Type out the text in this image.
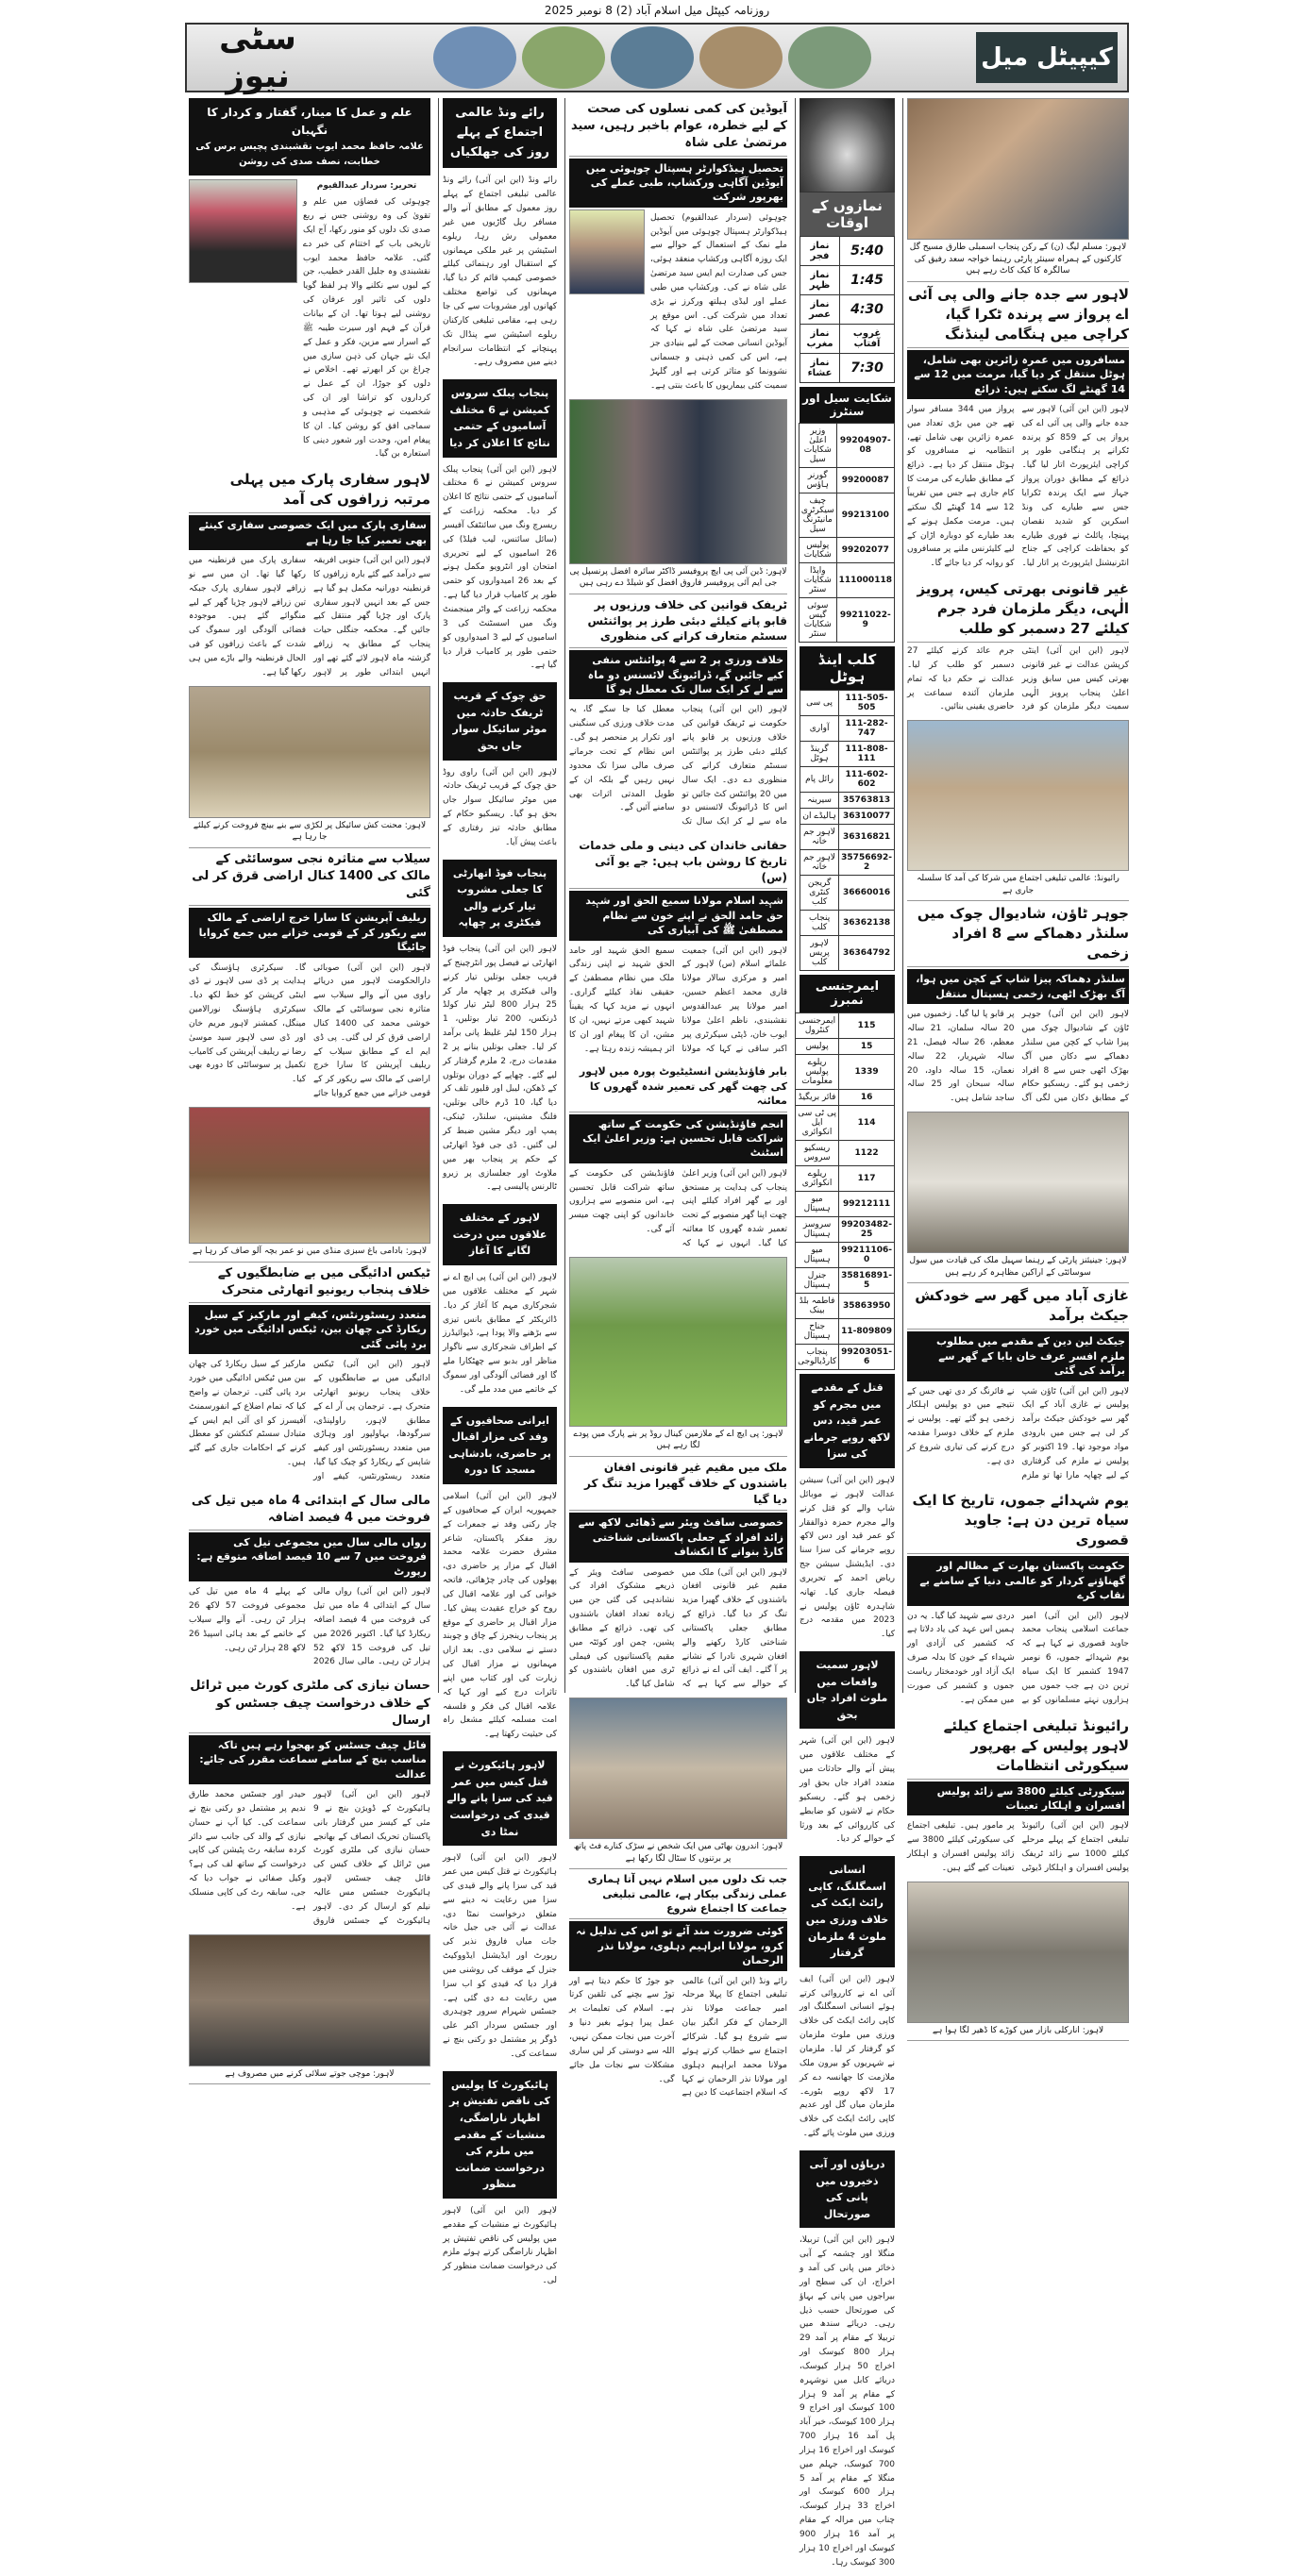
روزنامہ کیپٹل میل اسلام آباد (2) 8 نومبر 2025
سٹی نیوز	کیپیٹل میل
لاہور: مسلم لیگ (ن) کے رکن پنجاب اسمبلی طارق مسیح گل کارکنوں کے ہمراہ سینئر پارٹی رہنما خواجہ سعد رفیق کی سالگرہ کا کیک کاٹ رہے ہیں
لاہور سے جدہ جانے والی پی آئی اے پرواز سے پرندہ ٹکرا گیا، کراچی میں ہنگامی لینڈنگ
مسافروں میں عمرہ زائرین بھی شامل، ہوٹل منتقل کر دیا گیا، مرمت میں 12 سے 14 گھنٹے لگ سکتے ہیں: ذرائع
لاہور (این این آئی) لاہور سے جدہ جانے والی پی آئی اے کی پرواز پی کے 859 کو پرندہ ٹکرانے پر ہنگامی طور پر کراچی ایئرپورٹ اتار لیا گیا۔ ذرائع کے مطابق دوران پرواز جہاز سے ایک پرندہ ٹکرایا جس سے طیارے کی ونڈ اسکرین کو شدید نقصان پہنچا، پائلٹ نے فوری طیارے کو بحفاظت کراچی کے جناح انٹرنیشنل ایئرپورٹ پر اتار لیا۔ پرواز میں 344 مسافر سوار تھے جن میں بڑی تعداد میں عمرہ زائرین بھی شامل تھے، انتظامیہ نے مسافروں کو ہوٹل منتقل کر دیا ہے۔ ذرائع کے مطابق طیارے کی مرمت کا کام جاری ہے جس میں تقریباً 12 سے 14 گھنٹے لگ سکتے ہیں۔ مرمت مکمل ہونے کے بعد طیارے کو دوبارہ اڑان کے لیے کلیئرنس ملنے پر مسافروں کو روانہ کر دیا جائے گا۔
غیر قانونی بھرتی کیس، پرویز الٰہی، دیگر ملزمان فرد جرم کیلئے 27 دسمبر کو طلب
لاہور (این این آئی) اینٹی کرپشن عدالت نے غیر قانونی بھرتی کیس میں سابق وزیر اعلیٰ پنجاب پرویز الٰہی سمیت دیگر ملزمان کو فرد جرم عائد کرنے کیلئے 27 دسمبر کو طلب کر لیا۔ عدالت نے حکم دیا کہ تمام ملزمان آئندہ سماعت پر حاضری یقینی بنائیں۔
رائیونڈ: عالمی تبلیغی اجتماع میں شرکا کی آمد کا سلسلہ جاری ہے
جوہر ٹاؤن، شادیوال چوک میں سلنڈر دھماکے سے 8 افراد زخمی
سلنڈر دھماکہ پیزا شاپ کے کچن میں ہوا، آگ بھڑک اٹھی، زخمی ہسپتال منتقل
لاہور (این این آئی) جوہر ٹاؤن کے شادیوال چوک میں پیزا شاپ کے کچن میں سلنڈر دھماکے سے دکان میں آگ بھڑک اٹھی جس سے 8 افراد زخمی ہو گئے۔ ریسکیو حکام کے مطابق دکان میں لگی آگ پر قابو پا لیا گیا۔ زخمیوں میں 20 سالہ سلمان، 21 سالہ معظم، 26 سالہ فیصل، 21 سالہ شہریار، 22 سالہ نعمان، 15 سالہ داود، 20 سالہ سبحان اور 25 سالہ ساجد شامل ہیں۔
لاہور: جینیئنز پارٹی کے رہنما سہیل ملک کی قیادت میں سول سوسائٹی کے اراکین مظاہرہ کر رہے ہیں
غازی آباد میں گھر سے خودکش جیکٹ برآمد
جیکٹ لین دین کے مقدمے میں مطلوب ملزم افسر عرف خان بابا کے گھر سے برآمد کی گئی
لاہور (این این آئی) ٹاؤن شپ پولیس نے غازی آباد کے ایک گھر سے خودکش جیکٹ برآمد کر لی ہے جس میں بارودی مواد موجود تھا۔ 19 اکتوبر کو پولیس نے ملزم کی گرفتاری کے لیے چھاپہ مارا تھا تو ملزم نے فائرنگ کر دی تھی جس کے نتیجے میں دو پولیس اہلکار زخمی ہو گئے تھے۔ پولیس نے ملزم کے خلاف دوسرا مقدمہ درج کرنے کی تیاری شروع کر دی ہے۔
یوم شہدائے جموں، تاریخ کا ایک سیاہ ترین دن ہے: جاوید قصوری
حکومت پاکستان بھارت کے مظالم اور گھناؤنے کردار کو عالمی دنیا کے سامنے بے نقاب کرے
لاہور (این این آئی) امیر جماعت اسلامی پنجاب محمد جاوید قصوری نے کہا ہے کہ یوم شہدائے جموں، 6 نومبر 1947 کشمیر کا ایک سیاہ ترین دن ہے جب جموں میں ہزاروں نہتے مسلمانوں کو بے دردی سے شہید کیا گیا۔ یہ دن ہمیں اس عہد کی یاد دلاتا ہے کہ کشمیر کی آزادی اور شہداء کے خون کا بدلہ صرف ایک آزاد اور خودمختار ریاست جموں و کشمیر کی صورت میں ممکن ہے۔
رائیونڈ تبلیغی اجتماع کیلئے لاہور پولیس کے بھرپور سیکورٹی انتظامات
سیکورٹی کیلئے 3800 سے زائد پولیس افسران و اہلکار تعینات
لاہور (این این آئی) رائیونڈ تبلیغی اجتماع کے پہلے مرحلے کیلئے 1000 سے زائد ٹریفک پولیس افسران و اہلکار ڈیوٹی پر مامور ہیں۔ تبلیغی اجتماع کی سیکورٹی کیلئے 3800 سے زائد پولیس افسران و اہلکار تعینات کیے گئے ہیں۔
لاہور: انارکلی بازار میں کوڑے کا ڈھیر لگا ہوا ہے
نمازوں کے اوقات
5:40	نماز فجر
1:45	نماز ظہر
4:30	نماز عصر
غروب آفتاب	نماز مغرب
7:30	نماز عشاء
شکایت سیل اور سنٹرز
99204907-08	وزیر اعلیٰ شکایات سیل
99200087	گورنر ہاؤس
99213100	چیف سیکرٹری مانیٹرنگ سیل
99202077	پولیس شکایات
111000118	واپڈا شکایات سنٹر
99211022-9	سوئی گیس شکایات سنٹر
کلب اینڈ ہوٹل
111-505-505	پی سی
111-282-747	آواری
111-808-111	گرینڈ ہوٹل
111-602-602	رائل پام
35763813	سیرینہ
36310077	ہالیڈے ان
36316821	لاہور جم خانہ
35756692-2	لاہور جم خانہ
36660016	گریجن کنٹری کلب
36362138	پنجاب کلب
36364792	لاہور پریس کلب
ایمرجنسی نمبرز
115	ایمرجنسی کنٹرول
15	پولیس
1339	ریلوے پولیس معلومات
16	فائر بریگیڈ
114	پی ٹی سی ایل انکوائری
1122	ریسکیو سروس
117	ریلوے انکوائری
99212111	میو ہسپتال
99203482-25	سروسز ہسپتال
99211106-0	میو ہسپتال
35816891-5	جنرل ہسپتال
35863950	فاطمہ بلڈ بینک
11-809809	جناح ہسپتال
99203051-6	پنجاب کارڈیالوجی
قتل کے مقدمے میں مجرم کو عمر قید، دس لاکھ روپے جرمانے کی سزا
لاہور (این این آئی) سیشن عدالت لاہور نے موبائل شاپ والے کو قتل کرنے والے مجرم حمزہ ذوالفقار کو عمر قید اور دس لاکھ روپے جرمانے کی سزا سنا دی۔ ایڈیشنل سیشن جج ریاض احمد کے تحریری فیصلہ جاری کیا۔ تھانہ شاہدرہ ٹاؤن پولیس نے 2023 میں مقدمہ درج کیا۔
لاہور سمیت واقعات میں ملوث افراد جاں بحق
لاہور (این این آئی) شہر کے مختلف علاقوں میں پیش آنے والے حادثات میں متعدد افراد جاں بحق اور زخمی ہو گئے۔ ریسکیو حکام نے لاشوں کو ضابطے کی کارروائی کے بعد ورثا کے حوالے کر دیا۔
انسانی اسمگلنگ، کاپی رائٹ ایکٹ کی خلاف ورزی میں ملوث 4 ملزمان گرفتار
لاہور (این این آئی) ایف آئی اے نے کارروائی کرتے ہوئے انسانی اسمگلنگ اور کاپی رائٹ ایکٹ کی خلاف ورزی میں ملوث ملزمان کو گرفتار کر لیا۔ ملزمان نے شہریوں کو بیرون ملک ملازمت کا جھانسہ دے کر 17 لاکھ روپے بٹورے۔ ملزمان میاں گل اور عدیم کاپی رائٹ ایکٹ کی خلاف ورزی میں ملوث پائے گئے۔
دریاؤں اور آبی ذخیروں میں پانی کی صورتحال
لاہور (این این آئی) تربیلا، منگلا اور چشمہ کے آبی ذخائر میں پانی کی آمد و اخراج، ان کی سطح اور بیراجوں میں پانی کے بہاؤ کی صورتحال حسب ذیل رہی۔ دریائے سندھ میں تربیلا کے مقام پر آمد 29 ہزار 800 کیوسک اور اخراج 50 ہزار کیوسک، دریائے کابل میں نوشہرہ کے مقام پر آمد 9 ہزار 100 کیوسک اور اخراج 9 ہزار 100 کیوسک، خیر آباد پل آمد 16 ہزار 700 کیوسک اور اخراج 16 ہزار 700 کیوسک، جہلم میں منگلا کے مقام پر آمد 5 ہزار 600 کیوسک اور اخراج 33 ہزار کیوسک، چناب میں مرالہ کے مقام پر آمد 16 ہزار 900 کیوسک اور اخراج 10 ہزار 300 کیوسک رہا۔
آیوڈین کی کمی نسلوں کی صحت کے لیے خطرہ، عوام باخبر رہیں، سید مرتضیٰ علی شاہ
تحصیل ہیڈکوارٹر ہسپتال چوہوئی میں آیوڈین آگاہی ورکشاپ، طبی عملے کی بھرپور شرکت
چوہوئی (سردار عبدالقیوم) تحصیل ہیڈکوارٹر ہسپتال چوہوئی میں آیوڈین ملے نمک کے استعمال کے حوالے سے ایک روزہ آگاہی ورکشاپ منعقد ہوئی، جس کی صدارت ایم ایس سید مرتضیٰ علی شاہ نے کی۔ ورکشاپ میں طبی عملے اور لیڈی ہیلتھ ورکرز نے بڑی تعداد میں شرکت کی۔ اس موقع پر سید مرتضیٰ علی شاہ نے کہا کہ آیوڈین انسانی صحت کے لیے بنیادی جز ہے، اس کی کمی ذہنی و جسمانی نشوونما کو متاثر کرتی ہے اور گلہڑ سمیت کئی بیماریوں کا باعث بنتی ہے۔
لاہور: ڈین آئی پی ایچ پروفیسر ڈاکٹر سائرہ افضل پرنسپل پی جی ایم آئی پروفیسر فاروق افضل کو شیلڈ دے رہی ہیں
ٹریفک قوانین کی خلاف ورزیوں پر قابو پانے کیلئے دبئی طرز پر پوائنٹس سسٹم متعارف کرانے کی منظوری
خلاف ورزی پر 2 سے 4 پوائنٹس منفی کیے جائیں گے، ڈرائیونگ لائسنس دو ماہ سے لے کر ایک سال تک معطل ہو گا
لاہور (این این آئی) پنجاب حکومت نے ٹریفک قوانین کی خلاف ورزیوں پر قابو پانے کیلئے دبئی طرز پر پوائنٹس سسٹم متعارف کرانے کی منظوری دے دی۔ ایک سال میں 20 پوائنٹس کٹ جائیں تو اس کا ڈرائیونگ لائسنس دو ماہ سے لے کر ایک سال تک معطل کیا جا سکے گا، یہ مدت خلاف ورزی کی سنگینی اور تکرار پر منحصر ہو گی۔ اس نظام کے تحت جرمانے صرف مالی سزا تک محدود نہیں رہیں گے بلکہ ان کے طویل المدتی اثرات بھی سامنے آئیں گے۔
حقانی خاندان کی دینی و ملی خدمات تاریخ کا روشن باب ہیں: جے یو آئی (س)
شہید اسلام مولانا سمیع الحق اور شہید حق حامد الحق نے اپنے خون سے نظام مصطفیٰ ﷺ کی آبیاری کی
لاہور (این این آئی) جمعیت علمائے اسلام (س) لاہور کے امیر و مرکزی سالار مولانا قاری محمد اعظم حسین، امیر مولانا پیر عبدالقدوس نقشبندی، ناظم اعلیٰ مولانا ایوب خان، ڈپٹی سیکرٹری پیر اکبر ساقی نے کہا کہ مولانا سمیع الحق شہید اور حامد الحق شہید نے اپنی زندگی ملک میں نظام مصطفیٰ کے حقیقی نفاذ کیلئے گزاری۔ انہوں نے مزید کہا کہ یقیناً شہید کبھی مرتے نہیں، ان کا مشن، ان کا پیغام اور ان کا اثر ہمیشہ زندہ رہتا ہے۔
بابر فاؤنڈیشن انسٹیٹیوٹ پورہ میں لاہور کی چھت گھر کی تعمیر شدہ گھروں کا معائنہ
انجم فاؤنڈیشن کی حکومت کے ساتھ شراکت قابل تحسین ہے: وزیر اعلیٰ ایک اسٹنٹ
لاہور (این این آئی) وزیر اعلیٰ پنجاب کی ہدایت پر مستحق اور بے گھر افراد کیلئے اپنی چھت اپنا گھر منصوبے کے تحت تعمیر شدہ گھروں کا معائنہ کیا گیا۔ انہوں نے کہا کہ فاؤنڈیشن کی حکومت کے ساتھ شراکت قابل تحسین ہے، اس منصوبے سے ہزاروں خاندانوں کو اپنی چھت میسر آئے گی۔
لاہور: پی ایچ اے کے ملازمین کینال روڈ پر بنے پارک میں پودے لگا رہے ہیں
ملک میں مقیم غیر قانونی افغان باشندوں کے خلاف گھیرا مزید تنگ کر دیا گیا
خصوصی سافٹ ویئر سے ڈھائی لاکھ سے زائد افراد کے جعلی پاکستانی شناختی کارڈ بنوانے کا انکشاف
لاہور (این این آئی) ملک میں مقیم غیر قانونی افغان باشندوں کے خلاف گھیرا مزید تنگ کر دیا گیا۔ ذرائع کے مطابق جعلی پاکستانی شناختی کارڈ رکھنے والے افغان شہری نادرا کے نشانے پر آ گئے۔ ایف آئی اے نے ذرائع کے حوالے سے کہا ہے کہ خصوصی سافٹ ویئر کے ذریعے مشکوک افراد کی نشاندہی کی گئی جن میں زیادہ تعداد افغان باشندوں کی تھی۔ ذرائع کے مطابق پشین، چمن اور کوئٹہ میں مقیم پاکستانیوں کی فیملی ٹری میں افغان باشندوں کو شامل کیا گیا۔
لاہور: اندرون بھاٹی میں ایک شخص نے سڑک کنارے فٹ پاتھ پر برتنوں کا سٹال لگا رکھا ہے
جب تک دلوں میں اسلام نہیں آتا ہماری عملی زندگی بیکار ہے، عالمی تبلیغی جماعت کا اجتماع شروع
کوئی ضرورت مند آئے تو اس کی تذلیل نہ کرو، مولانا ابراہیم دہلوی، مولانا نذر الرحمان
رائے ونڈ (این این آئی) عالمی تبلیغی اجتماع کا پہلا مرحلہ امیر جماعت مولانا نذر الرحمان کے فکر انگیز بیان سے شروع ہو گیا۔ شرکائے اجتماع سے خطاب کرتے ہوئے مولانا محمد ابراہیم دہلوی اور مولانا نذر الرحمان نے کہا کہ اسلام اجتماعیت کا دین ہے جو جوڑ کا حکم دیتا ہے اور توڑ سے بچنے کی تلقین کرتا ہے۔ اسلام کی تعلیمات پر عمل پیرا ہوئے بغیر دنیا و آخرت میں نجات ممکن نہیں، اللہ سے دوستی کر لیں ساری مشکلات سے نجات مل جائے گی۔
رائے ونڈ عالمی اجتماع کے پہلے روز کی جھلکیاں
رائے ونڈ (این این آئی) رائے ونڈ عالمی تبلیغی اجتماع کے پہلے روز معمول کے مطابق آنے والے مسافر ریل گاڑیوں میں غیر معمولی رش رہا، ریلوے اسٹیشن پر غیر ملکی مہمانوں کے استقبال اور رہنمائی کیلئے خصوصی کیمپ قائم کر دیا گیا، مہمانوں کی تواضع مختلف کھانوں اور مشروبات سے کی جا رہی ہے، مقامی تبلیغی کارکنان ریلوے اسٹیشن سے پنڈال تک پہنچانے کے انتظامات سرانجام دینے میں مصروف رہے۔
پنجاب پبلک سروس کمیشن نے 6 مختلف آسامیوں کے حتمی نتائج کا اعلان کر دیا
لاہور (این این آئی) پنجاب پبلک سروس کمیشن نے 6 مختلف آسامیوں کے حتمی نتائج کا اعلان کر دیا۔ محکمہ زراعت کے ریسرچ ونگ میں سائنٹفک آفیسر (سائل سائنس، لیب فیلڈ) کی 26 اسامیوں کے لیے تحریری امتحان اور انٹرویو مکمل ہونے کے بعد 26 امیدواروں کو حتمی طور پر کامیاب قرار دیا گیا ہے۔ محکمہ زراعت کے واٹر مینجمنٹ ونگ میں اسسٹنٹ کی 3 اسامیوں کے لیے 3 امیدواروں کو حتمی طور پر کامیاب قرار دیا گیا ہے۔
حق چوک کے قریب ٹریفک حادثہ میں موٹر سائیکل سوار جاں بحق
لاہور (این این آئی) راوی روڈ حق چوک کے قریب ٹریفک حادثہ میں موٹر سائیکل سوار جاں بحق ہو گیا۔ ریسکیو حکام کے مطابق حادثہ تیز رفتاری کے باعث پیش آیا۔
پنجاب فوڈ اتھارٹی کا جعلی مشروب تیار کرنے والی فیکٹری پر چھاپہ
لاہور (این این آئی) پنجاب فوڈ اتھارٹی نے فیصل پور انٹرچینج کے قریب جعلی بوتلیں تیار کرنے والی فیکٹری پر چھاپہ مار کر 25 ہزار 800 لیٹر تیار کولڈ ڈرنکس، 200 تیار بوتلیں، 1 ہزار 150 لیٹر غلیظ پانی برآمد کر لیا۔ جعلی بوتلیں بنانے پر 2 مقدمات درج، 2 ملزم گرفتار کر لیے گئے۔ چھاپے کے دوران بوتلوں کے ڈھکن، لیبل اور قلیور تلف کر دیا گیا، 10 ڈرم خالی بوتلیں، فلنگ مشینیں، سلنڈر، ٹینکی، پمپ اور دیگر مشین ضبط کر لی گئیں۔ ڈی جی فوڈ اتھارٹی کے حکم پر پنجاب بھر میں ملاوٹ اور جعلسازی پر زیرو ٹالرنس پالیسی ہے۔
لاہور کے مختلف علاقوں میں درخت لگانے کا آغاز
لاہور (این این آئی) پی ایچ اے نے شہر کے مختلف علاقوں میں شجرکاری مہم کا آغاز کر دیا۔ ڈائریکٹر کے مطابق بانس تیزی سے بڑھنے والا پودا ہے، ڈیوائیڈرز کے اطراف شجرکاری سے ناگوار مناظر اور بدبو سے چھٹکارا ملے گا اور فضائی آلودگی اور سموگ کے خاتمے میں مدد ملے گی۔
ایرانی صحافیوں کے وفد کی مزار اقبال پر حاضری، بادشاہی مسجد کا دورہ
لاہور (این این آئی) اسلامی جمہوریہ ایران کے صحافیوں کے چار رکنی وفد نے جمعرات کے روز مفکر پاکستان، شاعر مشرق حضرت علامہ محمد اقبال کے مزار پر حاضری دی، پھولوں کی چادر چڑھائی، فاتحہ خوانی کی اور علامہ اقبال کی روح کو خراج عقیدت پیش کیا۔ مزار اقبال پر حاضری کے موقع پر پنجاب رینجرز کے چاق و چوبند دستے نے سلامی دی۔ بعد ازاں مہمانوں نے مزار اقبال کی زیارت کی اور کتاب میں اپنے تاثرات درج کیے اور کہا کہ علامہ اقبال کی فکر و فلسفہ امت مسلمہ کیلئے مشعل راہ کی حیثیت رکھتا ہے۔
لاہور ہائیکورٹ نے قتل کیس میں عمر قید کی سزا پانے والے قیدی کی درخواست نمٹا دی
لاہور (این این آئی) لاہور ہائیکورٹ نے قتل کیس میں عمر قید کی سزا پانے والے قیدی کی سزا میں رعایت نہ دینے سے متعلق درخواست نمٹا دی، عدالت نے آئی جی جیل خانہ جات میاں فاروق نذیر کی رپورٹ اور ایڈیشنل ایڈووکیٹ جنرل کے موقف کی روشنی میں قرار دیا کہ قیدی کو اب سزا میں رعایت دے دی گئی ہے۔ جسٹس شہرام سرور چوہدری اور جسٹس سردار اکبر علی ڈوگر پر مشتمل دو رکنی بنچ نے سماعت کی۔
ہائیکورٹ کا پولیس کی ناقص تفتیش پر اظہار ناراضگی، منشیات کے مقدمے میں ملزم کی درخواست ضمانت منظور
لاہور (این این آئی) لاہور ہائیکورٹ نے منشیات کے مقدمے میں پولیس کی ناقص تفتیش پر اظہار ناراضگی کرتے ہوئے ملزم کی درخواست ضمانت منظور کر لی۔
علم و عمل کا مینار، گفتار و کردار کا نگہبان
علامہ حافظ محمد ایوب نقشبندی پچیس برس کی خطابت، نصف صدی کی روشن
تحریر: سردار عبدالقیوم
چوہوئی کی فضاؤں میں علم و تقویٰ کی وہ روشنی جس نے ربع صدی تک دلوں کو منور رکھا، آج ایک تاریخی باب کے اختتام کی خبر دے گئی۔ علامہ حافظ محمد ایوب نقشبندی وہ جلیل القدر خطیب، جن کے لبوں سے نکلنے والا ہر لفظ گویا دلوں کی تاثیر اور عرفان کی روشنی لیے ہوتا تھا۔ ان کے بیانات قرآن کے فہم اور سیرت طیبہ ﷺ کے اسرار سے مزین، فکر و عمل کے ایک نئے جہان کی ذہن سازی میں چراغ بن کر ابھرتے تھے۔ اخلاص نے دلوں کو جوڑا، ان کے عمل نے کرداروں کو تراشا اور ان کی شخصیت نے چوہوئی کے مذہبی و سماجی افق کو روشن کیا۔ ان کا پیغام امن، وحدت اور شعور دینی کا استعارہ بن گیا۔
لاہور سفاری پارک میں پہلی مرتبہ زرافوں کی آمد
سفاری پارک میں ایک خصوصی سفاری کینئے بھی تعمیر کیا جا رہا ہے
لاہور (این این آئی) جنوبی افریقہ سے درآمد کیے گئے بارہ زرافوں کا قرنطینہ دورانیہ مکمل ہو گیا ہے جس کے بعد انہیں لاہور سفاری پارک اور چڑیا گھر منتقل کیے جائیں گے۔ محکمہ جنگلی حیات پنجاب کے مطابق یہ زرافے گزشتہ ماہ لاہور لائے گئے تھے اور انہیں ابتدائی طور پر لاہور سفاری پارک میں قرنطینہ میں رکھا گیا تھا۔ ان میں سے نو زرافے لاہور سفاری پارک جبکہ تین زرافے لاہور چڑیا گھر کے لیے منگوائے گئے ہیں۔ موجودہ فضائی آلودگی اور سموگ کی شدت کے باعث زرافوں کو فی الحال قرنطینہ والے باڑے میں ہی رکھا گیا ہے۔
لاہور: محنت کش سائیکل پر لکڑی سے بنے بینچ فروخت کرنے کیلئے جا رہا ہے
سیلاب سے متاثرہ نجی سوسائٹی کے مالک کی 1400 کنال اراضی قرق کر لی گئی
ریلیف آپریشن کا سارا خرچ اراضی کے مالک سے ریکور کر کے قومی خزانے میں جمع کروایا جائیگا
لاہور (این این آئی) صوبائی دارالحکومت لاہور میں دریائے راوی میں آنے والے سیلاب سے متاثرہ نجی سوسائٹی کے مالک خوشی محمد کی 1400 کنال اراضی قرق کر لی گئی۔ پی ڈی ایم اے کے مطابق سیلاب کے ریلیف آپریشن کا سارا خرچ اراضی کے مالک سے ریکور کر کے قومی خزانے میں جمع کروایا جائے گا۔ سیکرٹری ہاؤسنگ کی ہدایت پر ڈی سی لاہور نے ڈی اینٹی کرپشن کو خط لکھ دیا۔ سیکرٹری ہاؤسنگ نورالامین مینگل، کمشنر لاہور مریم خان اور ڈی سی لاہور سید موسیٰ رضا نے ریلیف آپریشن کی کامیاب تکمیل پر سوسائٹی کا دورہ بھی کیا۔
لاہور: بادامی باغ سبزی منڈی میں نو عمر بچہ آلو صاف کر رہا ہے
ٹیکس ادائیگی میں بے ضابطگیوں کے خلاف پنجاب ریونیو اتھارٹی متحرک
متعدد ریسٹورنٹس، کیفے اور مارکیز کے سیل ریکارڈ کی چھان بین، ٹیکس ادائیگی میں خورد برد پائی گئی
لاہور (این این آئی) ٹیکس ادائیگی میں بے ضابطگیوں کے خلاف پنجاب ریونیو اتھارٹی متحرک ہے۔ ترجمان پی آر اے کے مطابق لاہور، راولپنڈی، سرگودھا، بہاولپور اور وہاڑی میں متعدد ریسٹورنٹس اور کیفے شاپس کے ریکارڈ کو چیک کیا گیا، متعدد ریسٹورنٹس، کیفے اور مارکیز کے سیل ریکارڈ کی چھان بین میں ٹیکس ادائیگی میں خورد برد پائی گئی۔ ترجمان نے واضح کیا کہ تمام اضلاع کے انفورسمنٹ آفیسرز کو ای آئی ایم ایس کے متبادل سسٹم کنکشن کو معطل کرنے کے احکامات جاری کیے گئے ہیں۔
مالی سال کے ابتدائی 4 ماہ میں تیل کی فروخت میں 4 فیصد اضافہ
رواں مالی سال میں مجموعی تیل کی فروخت میں 7 سے 10 فیصد اضافہ متوقع ہے: رپورٹ
لاہور (این این آئی) رواں مالی سال کے ابتدائی 4 ماہ میں تیل کی فروخت میں 4 فیصد اضافہ ریکارڈ کیا گیا۔ اکتوبر 2026 میں تیل کی فروخت 15 لاکھ 52 ہزار ٹن رہی۔ مالی سال 2026 کے پہلے 4 ماہ میں تیل کی مجموعی فروخت 57 لاکھ 26 ہزار ٹن رہی۔ آنے والے سیلاب کے خاتمے کے بعد ہائی اسپیڈ 26 لاکھ 28 ہزار ٹن رہی۔
حسان نیازی کی ملٹری کورٹ میں ٹرائل کے خلاف درخواست چیف جسٹس کو ارسال
فائل چیف جسٹس کو بھجوا رہے ہیں تاکہ مناسب بنچ کے سامنے سماعت مقرر کی جائے: عدالت
لاہور (این این آئی) لاہور ہائیکورٹ کے ڈویژن بنچ نے 9 مئی کے کیسز میں گرفتار بانی پاکستان تحریک انصاف کے بھانجے حسان نیازی کی ملٹری کورٹ میں ٹرائل کے خلاف کیس کی فائل چیف جسٹس لاہور ہائیکورٹ جسٹس مس عالیہ نیلم کو ارسال کر دی۔ لاہور ہائیکورٹ کے جسٹس فاروق حیدر اور جسٹس محمد طارق ندیم پر مشتمل دو رکنی بنچ نے سماعت کی۔ کیا آپ نے حسان نیازی کے والد کی جانب سے دائر کردہ سابقہ رٹ پٹیشن کی کاپی درخواست کے ساتھ لف کی ہے؟ وکیل صفائی نے جواب دیا کہ جی، سابقہ رٹ کی کاپی منسلک ہے۔
لاہور: موچی جوتے سلائی کرنے میں مصروف ہے
